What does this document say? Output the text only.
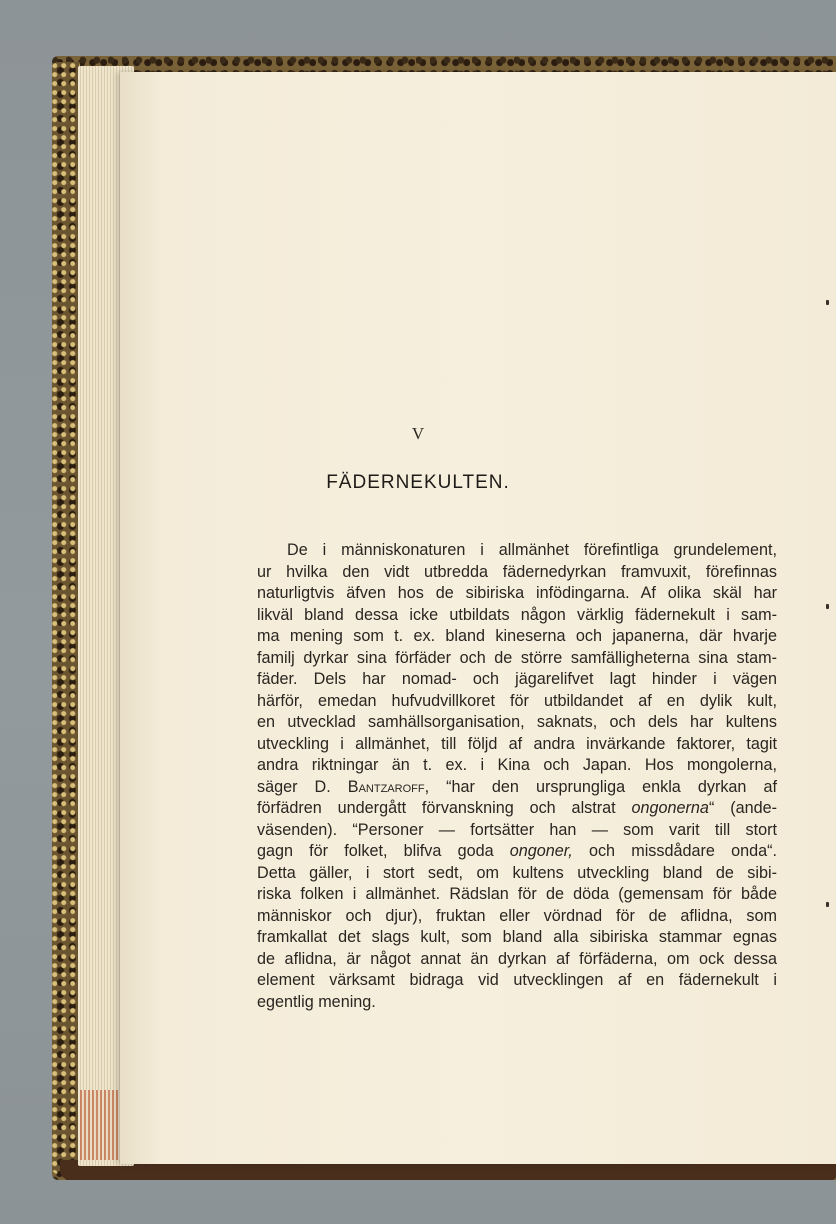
V
FÄDERNEKULTEN.
De i människonaturen i allmänhet förefintliga grundelement,
ur hvilka den vidt utbredda fädernedyrkan framvuxit, förefinnas
naturligtvis äfven hos de sibiriska infödingarna. Af olika skäl har
likväl bland dessa icke utbildats någon värklig fädernekult i sam-
ma mening som t. ex. bland kineserna och japanerna, där hvarje
familj dyrkar sina förfäder och de större samfälligheterna sina stam-
fäder. Dels har nomad- och jägarelifvet lagt hinder i vägen
härför, emedan hufvudvillkoret för utbildandet af en dylik kult,
en utvecklad samhällsorganisation, saknats, och dels har kultens
utveckling i allmänhet, till följd af andra invärkande faktorer, tagit
andra riktningar än t. ex. i Kina och Japan. Hos mongolerna,
säger D. Bantzaroff, “har den ursprungliga enkla dyrkan af
förfädren undergått förvanskning och alstrat ongonerna“ (ande-
väsenden). “Personer — fortsätter han — som varit till stort
gagn för folket, blifva goda ongoner, och missdådare onda“.
Detta gäller, i stort sedt, om kultens utveckling bland de sibi-
riska folken i allmänhet. Rädslan för de döda (gemensam för både
människor och djur), fruktan eller vördnad för de aflidna, som
framkallat det slags kult, som bland alla sibiriska stammar egnas
de aflidna, är något annat än dyrkan af förfäderna, om ock dessa
element värksamt bidraga vid utvecklingen af en fädernekult i
egentlig mening.
